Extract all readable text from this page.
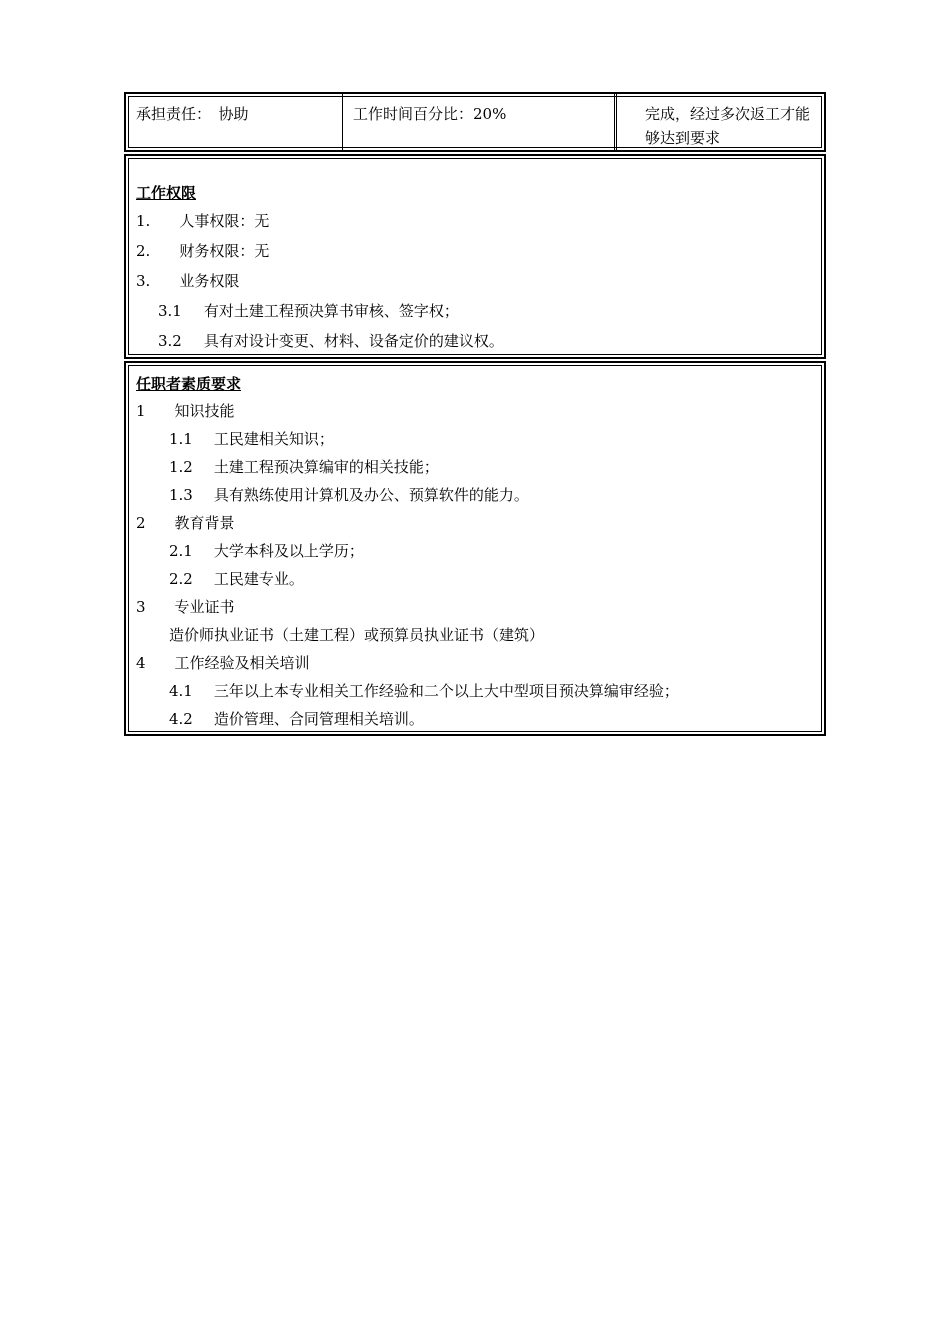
承担责任：　协助	工作时间百分比：20%	完成，经过多次返工才能够达到要求
工作权限
1. 人事权限：无
2. 财务权限：无
3. 业务权限
3.1 有对土建工程预决算书审核、签字权；
3.2 具有对设计变更、材料、设备定价的建议权。
任职者素质要求
1 知识技能
1.1 工民建相关知识；
1.2 土建工程预决算编审的相关技能；
1.3 具有熟练使用计算机及办公、预算软件的能力。
2 教育背景
2.1 大学本科及以上学历；
2.2 工民建专业。
3 专业证书
造价师执业证书（土建工程）或预算员执业证书（建筑）
4 工作经验及相关培训
4.1 三年以上本专业相关工作经验和二个以上大中型项目预决算编审经验；
4.2 造价管理、合同管理相关培训。
